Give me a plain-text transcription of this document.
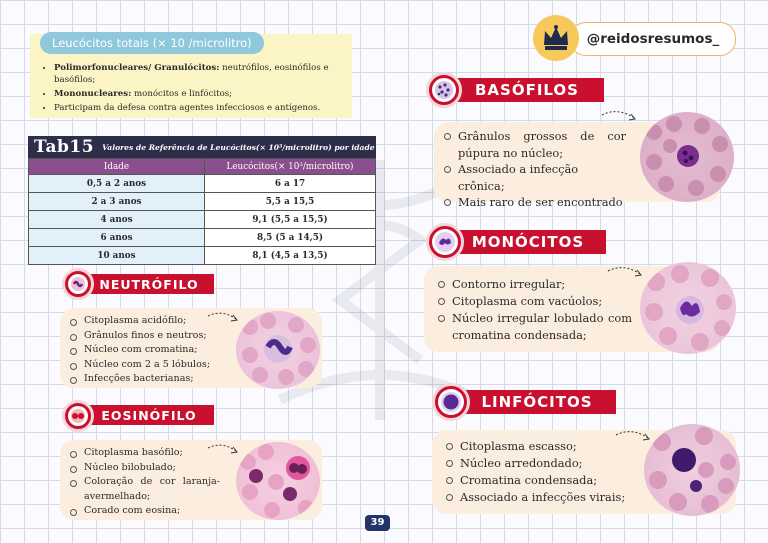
@reidosresumos_
Leucócitos totais (× 10 /microlitro)
• Polimorfonucleares/ Granulócitos: neutrófilos, eosinófilos e basófilos;
• Mononucleares: monócitos e linfócitos;
• Participam da defesa contra agentes infecciosos e antígenos.
Tab15	Valores de Referência de Leucócitos(× 10³/microlitro) por idade
Idade	Leucócitos(× 10³/microlitro)
0,5 a 2 anos	6 a 17
2 a 3 anos	5,5 a 15,5
4 anos	9,1 (5,5 a 15,5)
6 anos	8,5 (5 a 14,5)
10 anos	8,1 (4,5 a 13,5)
Citoplasma acidófilo;
Grânulos finos e neutros;
Núcleo com cromatina;
Núcleo com 2 a 5 lóbulos;
Infecções bacterianas;
NEUTRÓFILO
Citoplasma basófilo;
Núcleo bilobulado;
Coloração de cor laranja-avermelhado;
Corado com eosina;
EOSINÓFILO
Grânulos grossos de cor púpura no núcleo;
Associado a infecção crônica;
Mais raro de ser encontrado
BASÓFILOS
Contorno irregular;
Citoplasma com vacúolos;
Núcleo irregular lobulado com cromatina condensada;
MONÓCITOS
Citoplasma escasso;
Núcleo arredondado;
Cromatina condensada;
Associado a infecções virais;
LINFÓCITOS
39
